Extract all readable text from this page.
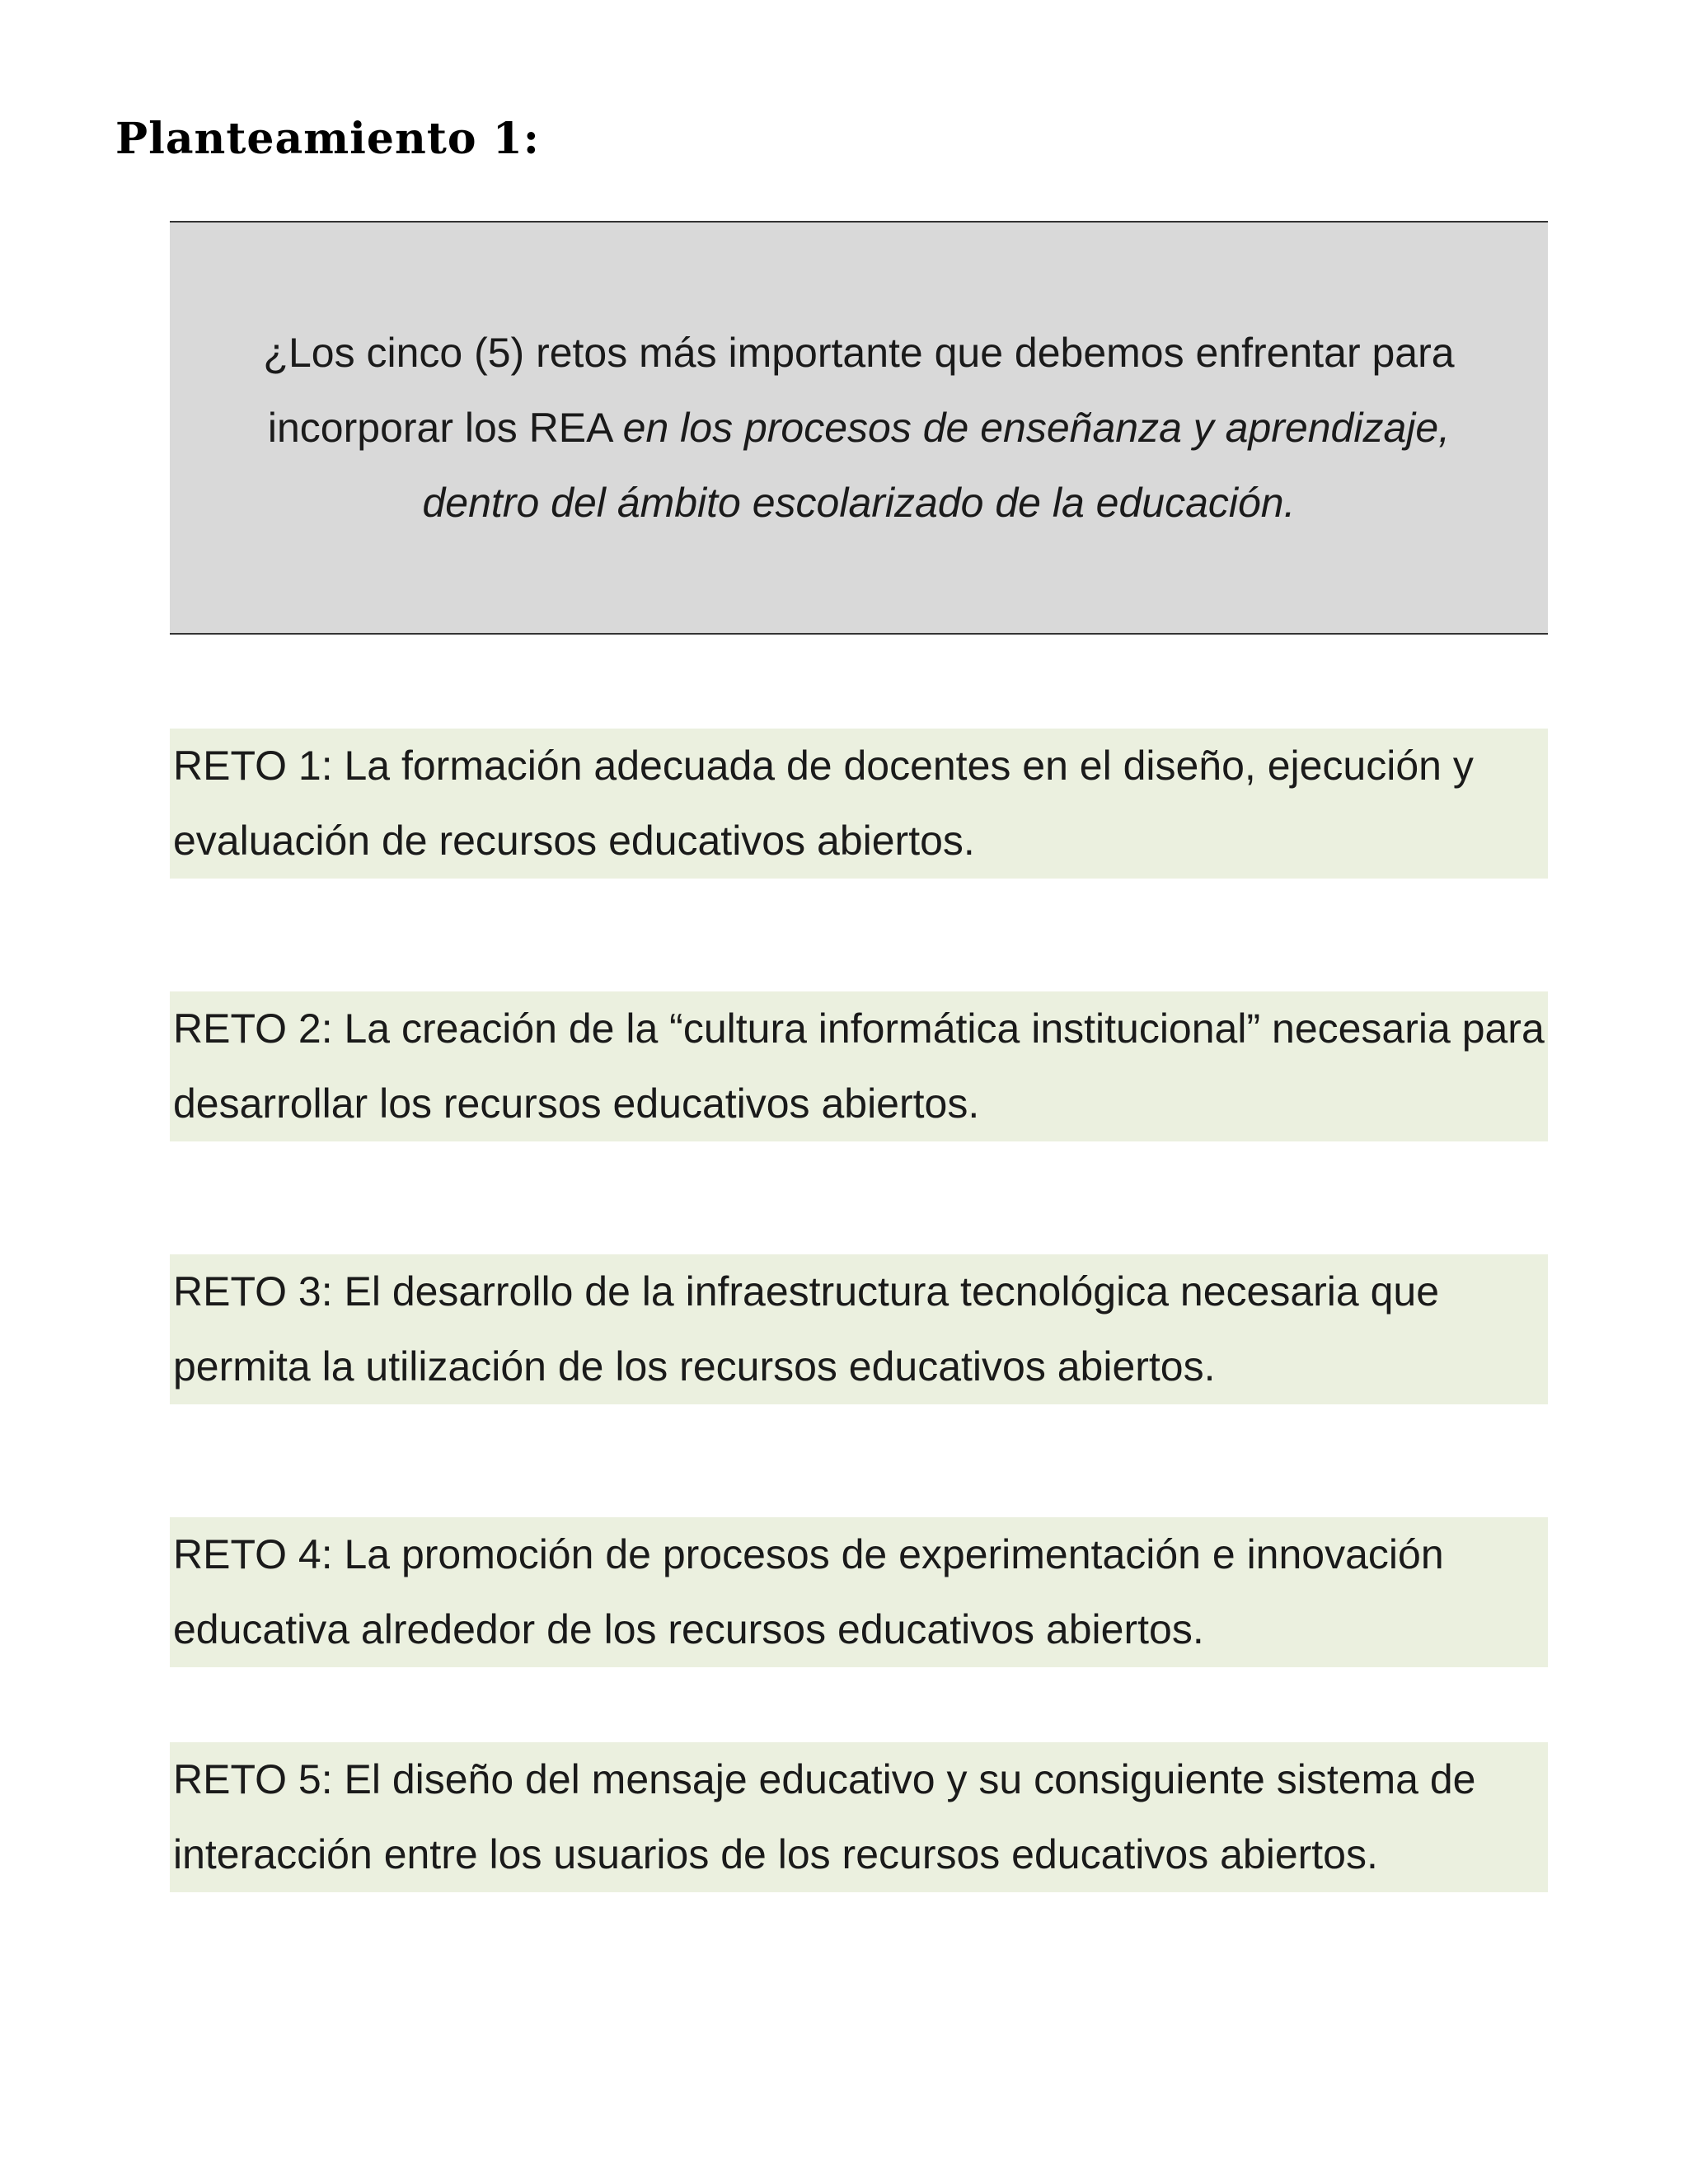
Planteamiento 1:

¿Los cinco (5) retos más importante que debemos enfrentar para incorporar los REA en los procesos de enseñanza y aprendizaje, dentro del ámbito escolarizado de la educación.

RETO 1: La formación adecuada de docentes en el diseño, ejecución y evaluación de recursos educativos abiertos.

RETO 2: La creación de la “cultura informática institucional” necesaria para desarrollar los recursos educativos abiertos.

RETO 3: El desarrollo de la infraestructura tecnológica necesaria que permita la utilización de los recursos educativos abiertos.

RETO 4: La promoción de procesos de experimentación e innovación educativa alrededor de los recursos educativos abiertos.

RETO 5: El diseño del mensaje educativo y su consiguiente sistema de interacción entre los usuarios de los recursos educativos abiertos.
